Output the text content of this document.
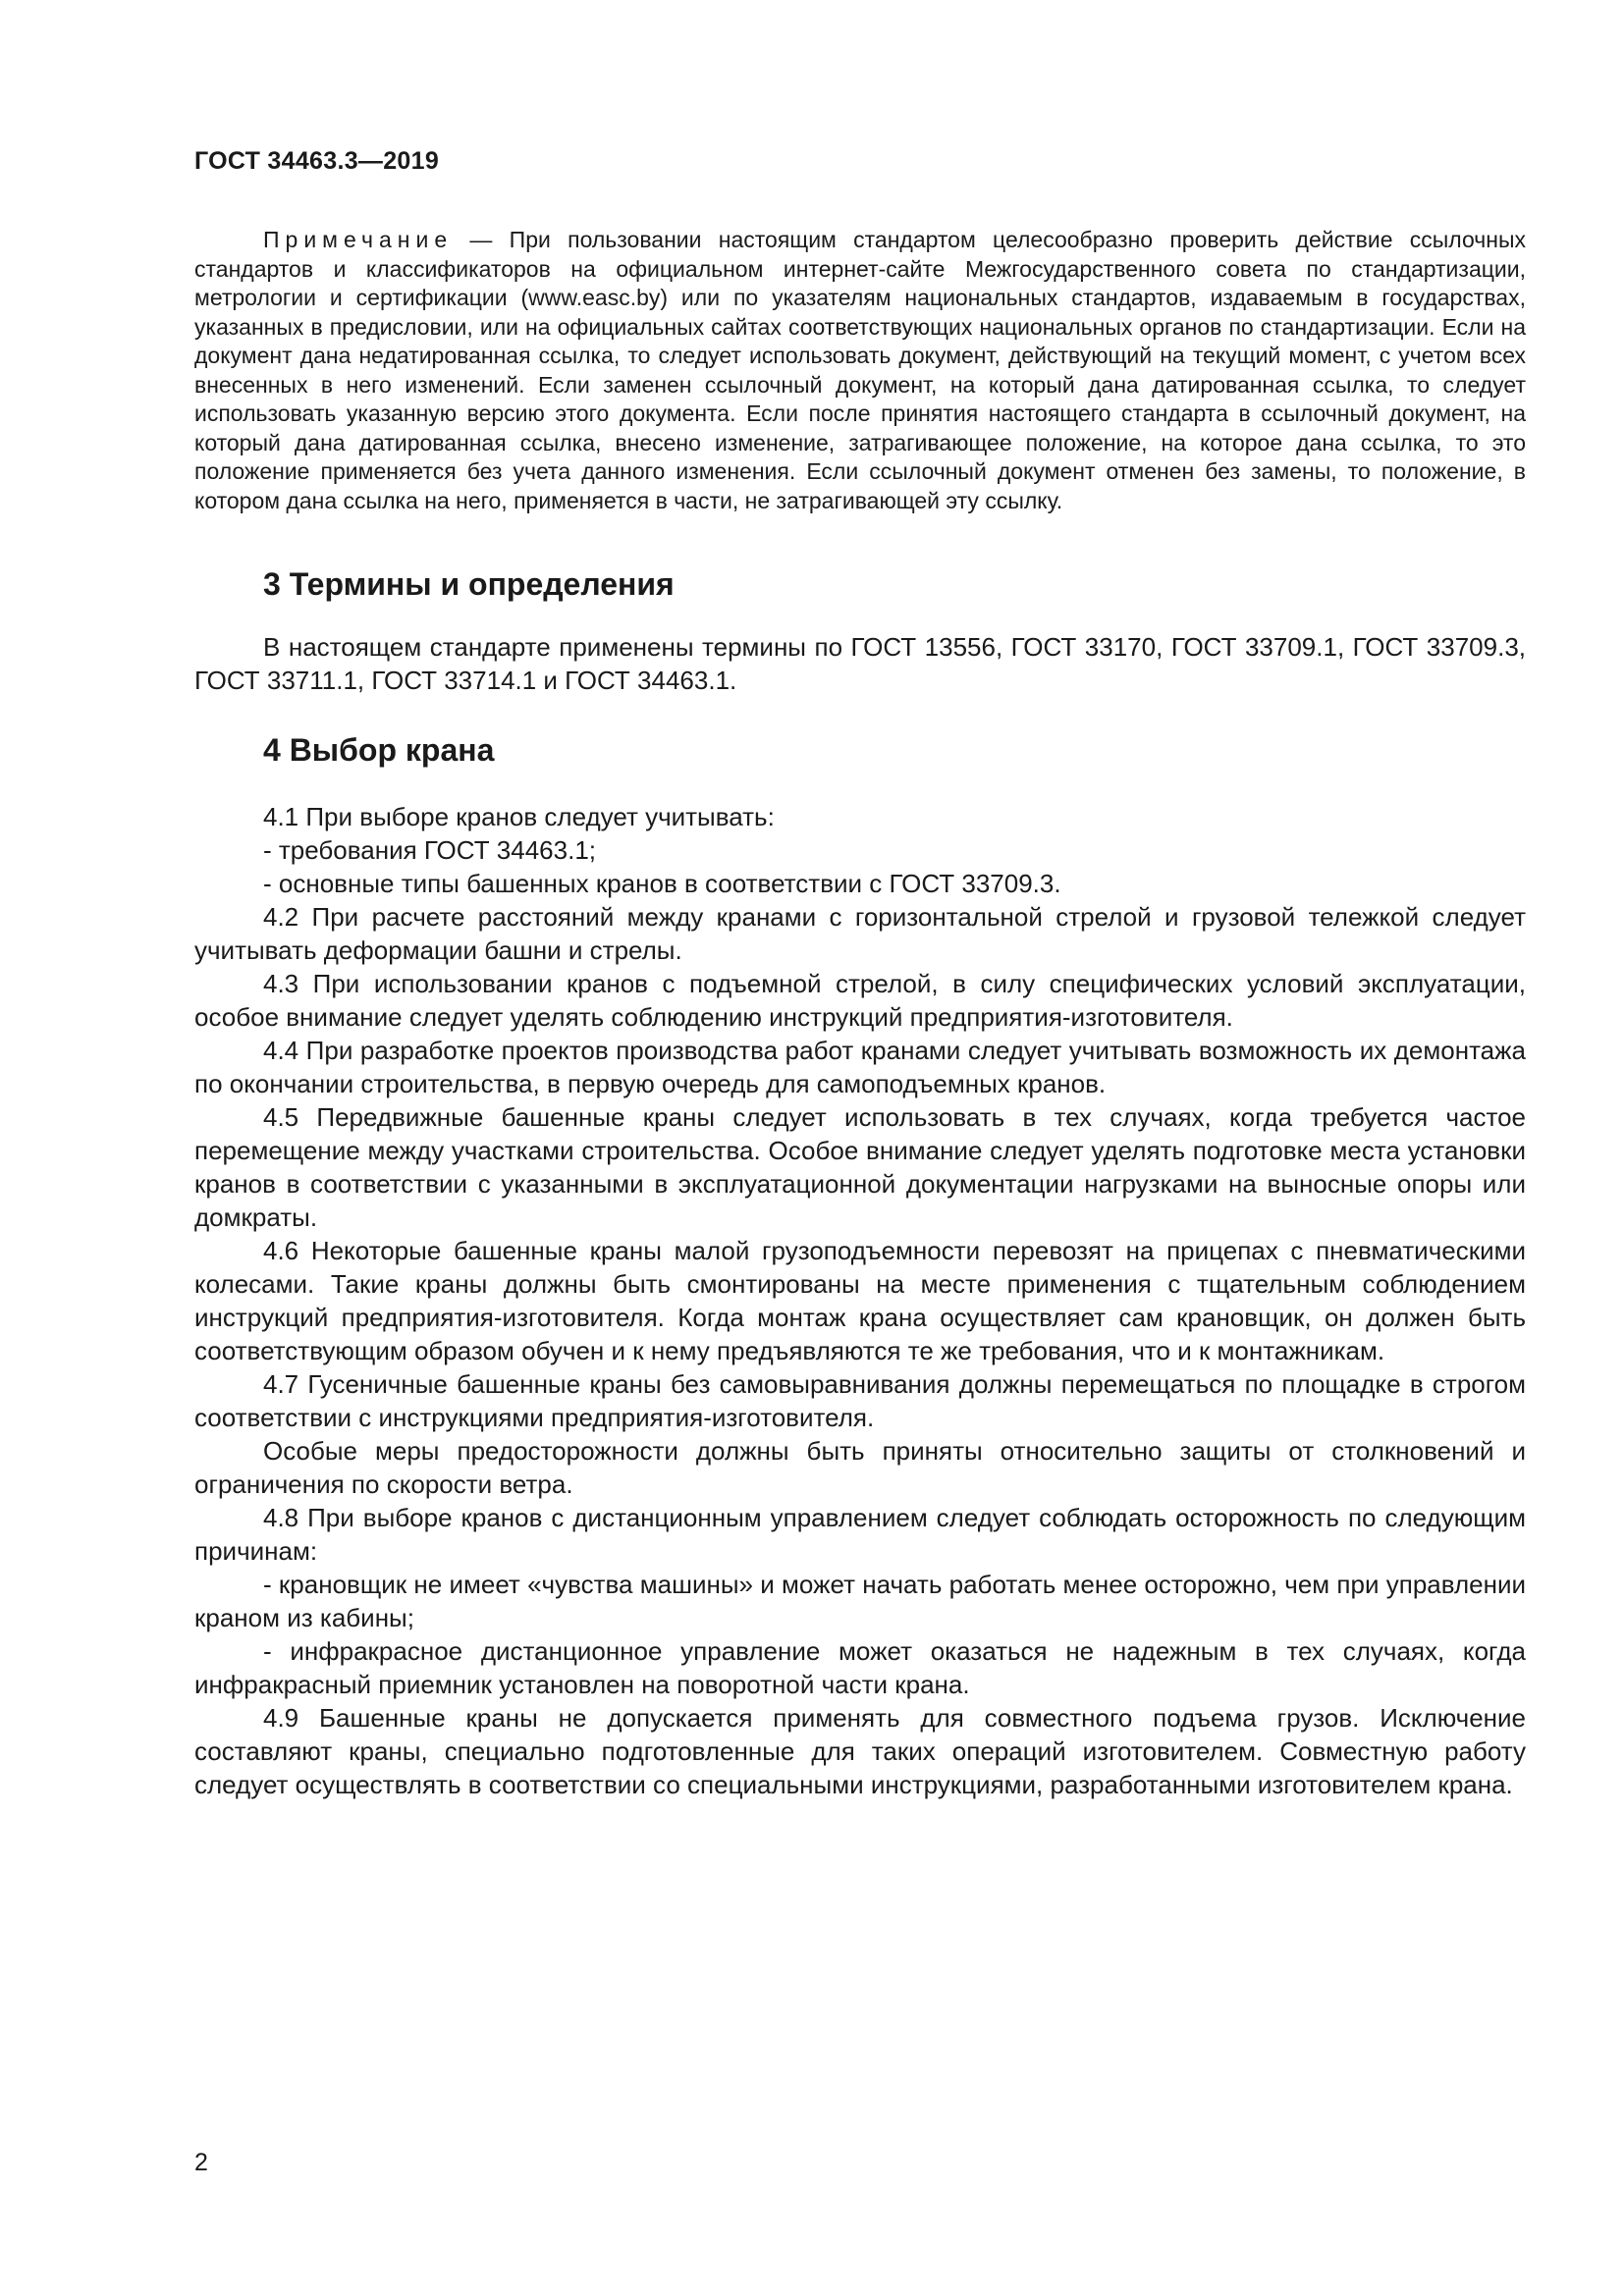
ГОСТ 34463.3—2019

Примечание — При пользовании настоящим стандартом целесообразно проверить действие ссылочных стандартов и классификаторов на официальном интернет-сайте Межгосударственного совета по стандартизации, метрологии и сертификации (www.easc.by) или по указателям национальных стандартов, издаваемым в государствах, указанных в предисловии, или на официальных сайтах соответствующих национальных органов по стандартизации. Если на документ дана недатированная ссылка, то следует использовать документ, действующий на текущий момент, с учетом всех внесенных в него изменений. Если заменен ссылочный документ, на который дана датированная ссылка, то следует использовать указанную версию этого документа. Если после принятия настоящего стандарта в ссылочный документ, на который дана датированная ссылка, внесено изменение, затрагивающее положение, на которое дана ссылка, то это положение применяется без учета данного изменения. Если ссылочный документ отменен без замены, то положение, в котором дана ссылка на него, применяется в части, не затрагивающей эту ссылку.

3 Термины и определения

В настоящем стандарте применены термины по ГОСТ 13556, ГОСТ 33170, ГОСТ 33709.1, ГОСТ 33709.3, ГОСТ 33711.1, ГОСТ 33714.1 и ГОСТ 34463.1.

4 Выбор крана

4.1 При выборе кранов следует учитывать:

- требования ГОСТ 34463.1;

- основные типы башенных кранов в соответствии с ГОСТ 33709.3.

4.2 При расчете расстояний между кранами с горизонтальной стрелой и грузовой тележкой следует учитывать деформации башни и стрелы.

4.3 При использовании кранов с подъемной стрелой, в силу специфических условий эксплуатации, особое внимание следует уделять соблюдению инструкций предприятия-изготовителя.

4.4 При разработке проектов производства работ кранами следует учитывать возможность их демонтажа по окончании строительства, в первую очередь для самоподъемных кранов.

4.5 Передвижные башенные краны следует использовать в тех случаях, когда требуется частое перемещение между участками строительства. Особое внимание следует уделять подготовке места установки кранов в соответствии с указанными в эксплуатационной документации нагрузками на выносные опоры или домкраты.

4.6 Некоторые башенные краны малой грузоподъемности перевозят на прицепах с пневматическими колесами. Такие краны должны быть смонтированы на месте применения с тщательным соблюдением инструкций предприятия-изготовителя. Когда монтаж крана осуществляет сам крановщик, он должен быть соответствующим образом обучен и к нему предъявляются те же требования, что и к монтажникам.

4.7 Гусеничные башенные краны без самовыравнивания должны перемещаться по площадке в строгом соответствии с инструкциями предприятия-изготовителя.

Особые меры предосторожности должны быть приняты относительно защиты от столкновений и ограничения по скорости ветра.

4.8 При выборе кранов с дистанционным управлением следует соблюдать осторожность по следующим причинам:

- крановщик не имеет «чувства машины» и может начать работать менее осторожно, чем при управлении краном из кабины;

- инфракрасное дистанционное управление может оказаться не надежным в тех случаях, когда инфракрасный приемник установлен на поворотной части крана.

4.9 Башенные краны не допускается применять для совместного подъема грузов. Исключение составляют краны, специально подготовленные для таких операций изготовителем. Совместную работу следует осуществлять в соответствии со специальными инструкциями, разработанными изготовителем крана.

2
